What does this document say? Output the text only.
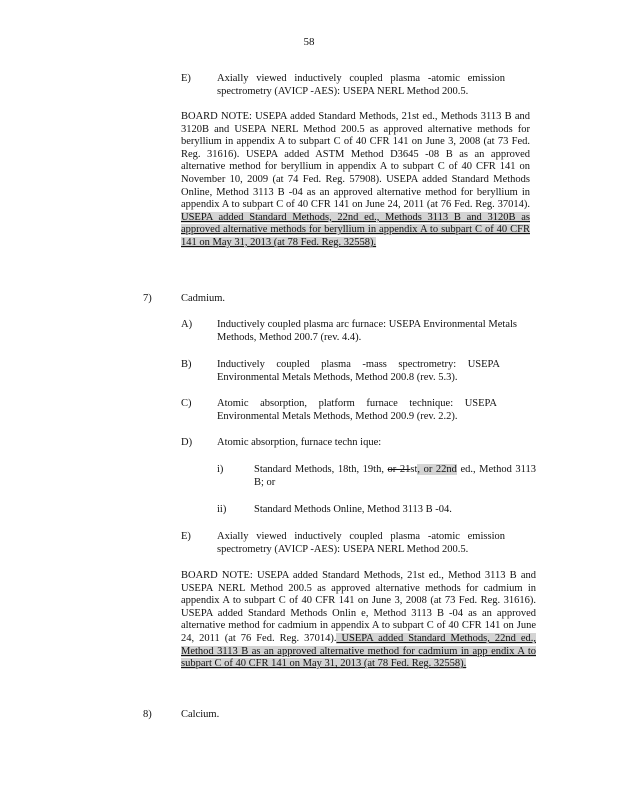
58
E)	Axially viewed inductively coupled plasma -atomic emission spectrometry (AVICP -AES): USEPA NERL Method 200.5.
BOARD NOTE: USEPA added Standard Methods, 21st ed., Methods 3113 B and 3120B and USEPA NERL Method 200.5 as approved alternative methods for beryllium in appendix A to subpart C of 40 CFR 141 on June 3, 2008 (at 73 Fed. Reg. 31616). USEPA added ASTM Method D3645 -08 B as an approved alternative method for beryllium in appendix A to subpart C of 40 CFR 141 on November 10, 2009 (at 74 Fed. Reg. 57908). USEPA added Standard Methods Online, Method 3113 B -04 as an approved alternative method for beryllium in appendix A to subpart C of 40 CFR 141 on June 24, 2011 (at 76 Fed. Reg. 37014). USEPA added Standard Methods, 22nd ed., Methods 3113 B and 3120B as approved alternative methods for beryllium in appendix A to subpart C of 40 CFR 141 on May 31, 2013 (at 78 Fed. Reg. 32558).
7)	Cadmium.
A)	Inductively coupled plasma arc furnace: USEPA Environmental Metals Methods, Method 200.7 (rev. 4.4).
B)	Inductively coupled plasma -mass spectrometry: USEPA Environmental Metals Methods, Method 200.8 (rev. 5.3).
C)	Atomic absorption, platform furnace technique: USEPA Environmental Metals Methods, Method 200.9 (rev. 2.2).
D)	Atomic absorption, furnace techn ique:
i)	Standard Methods, 18th, 19th, or 21st, or 22nd ed., Method 3113 B; or
ii)	Standard Methods Online, Method 3113 B -04.
E)	Axially viewed inductively coupled plasma -atomic emission spectrometry (AVICP -AES): USEPA NERL Method 200.5.
BOARD NOTE: USEPA added Standard Methods, 21st ed., Method 3113 B and USEPA NERL Method 200.5 as approved alternative methods for cadmium in appendix A to subpart C of 40 CFR 141 on June 3, 2008 (at 73 Fed. Reg. 31616). USEPA added Standard Methods Onlin e, Method 3113 B -04 as an approved alternative method for cadmium in appendix A to subpart C of 40 CFR 141 on June 24, 2011 (at 76 Fed. Reg. 37014). USEPA added Standard Methods, 22nd ed., Method 3113 B as an approved alternative method for cadmium in app endix A to subpart C of 40 CFR 141 on May 31, 2013 (at 78 Fed. Reg. 32558).
8)	Calcium.
